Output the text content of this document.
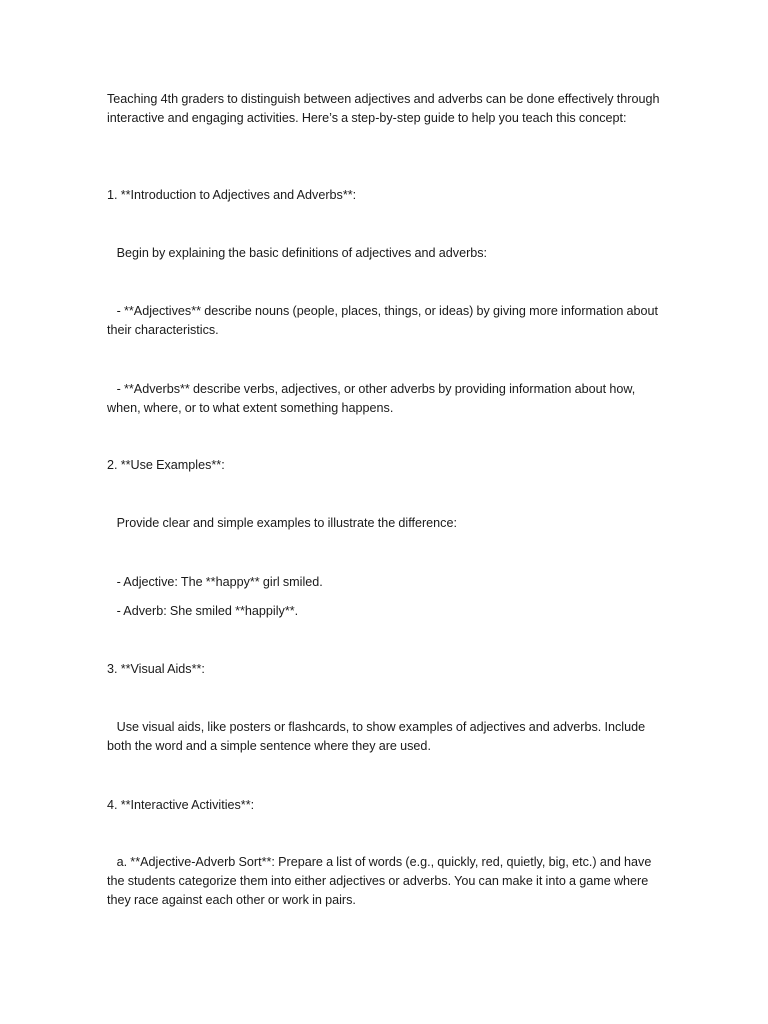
Teaching 4th graders to distinguish between adjectives and adverbs can be done effectively through interactive and engaging activities. Here’s a step-by-step guide to help you teach this concept:

1. **Introduction to Adjectives and Adverbs**:

Begin by explaining the basic definitions of adjectives and adverbs:

- **Adjectives** describe nouns (people, places, things, or ideas) by giving more information about their characteristics.

- **Adverbs** describe verbs, adjectives, or other adverbs by providing information about how, when, where, or to what extent something happens.

2. **Use Examples**:

Provide clear and simple examples to illustrate the difference:

- Adjective: The **happy** girl smiled.

- Adverb: She smiled **happily**.

3. **Visual Aids**:

Use visual aids, like posters or flashcards, to show examples of adjectives and adverbs. Include both the word and a simple sentence where they are used.

4. **Interactive Activities**:

a. **Adjective-Adverb Sort**: Prepare a list of words (e.g., quickly, red, quietly, big, etc.) and have the students categorize them into either adjectives or adverbs. You can make it into a game where they race against each other or work in pairs.
